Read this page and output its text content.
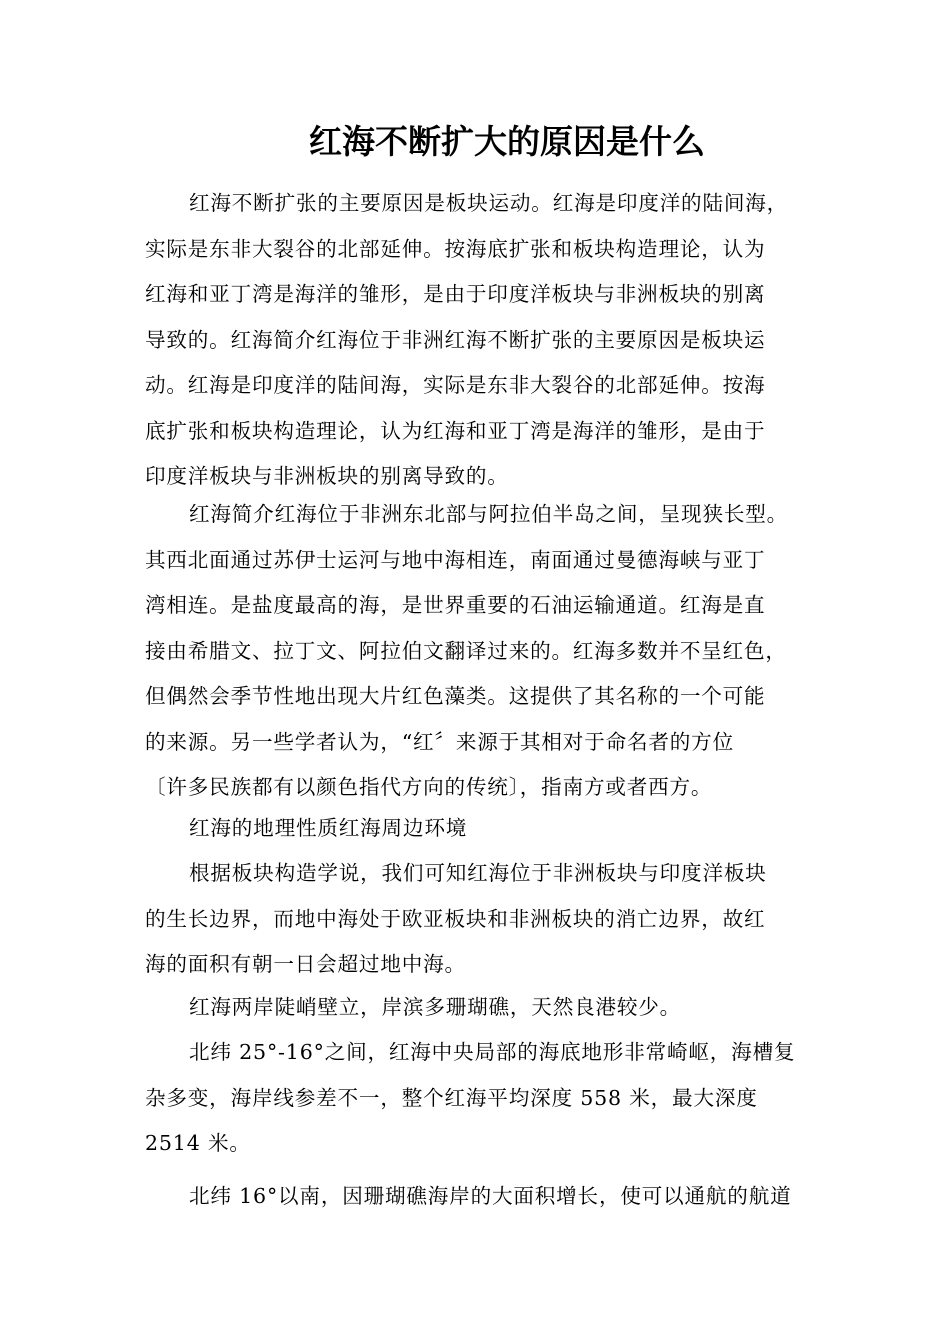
红海不断扩大的原因是什么
红海不断扩张的主要原因是板块运动。红海是印度洋的陆间海，
实际是东非大裂谷的北部延伸。按海底扩张和板块构造理论，认为
红海和亚丁湾是海洋的雏形，是由于印度洋板块与非洲板块的别离
导致的。红海简介红海位于非洲红海不断扩张的主要原因是板块运
动。红海是印度洋的陆间海，实际是东非大裂谷的北部延伸。按海
底扩张和板块构造理论，认为红海和亚丁湾是海洋的雏形，是由于
印度洋板块与非洲板块的别离导致的。
红海简介红海位于非洲东北部与阿拉伯半岛之间，呈现狭长型。
其西北面通过苏伊士运河与地中海相连，南面通过曼德海峡与亚丁
湾相连。是盐度最高的海，是世界重要的石油运输通道。红海是直
接由希腊文、拉丁文、阿拉伯文翻译过来的。红海多数并不呈红色，
但偶然会季节性地出现大片红色藻类。这提供了其名称的一个可能
的来源。另一些学者认为，“红〞来源于其相对于命名者的方位
〔许多民族都有以颜色指代方向的传统〕，指南方或者西方。
红海的地理性质红海周边环境
根据板块构造学说，我们可知红海位于非洲板块与印度洋板块
的生长边界，而地中海处于欧亚板块和非洲板块的消亡边界，故红
海的面积有朝一日会超过地中海。
红海两岸陡峭壁立，岸滨多珊瑚礁，天然良港较少。
北纬 25°-16°之间，红海中央局部的海底地形非常崎岖，海槽复
杂多变，海岸线参差不一，整个红海平均深度 558 米，最大深度
2514 米。
北纬 16°以南，因珊瑚礁海岸的大面积增长，使可以通航的航道
